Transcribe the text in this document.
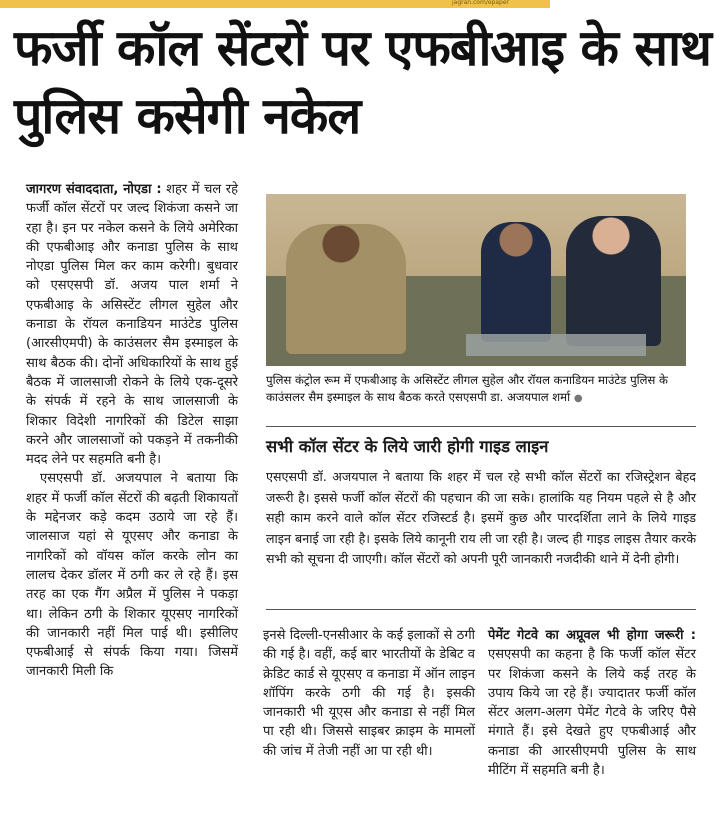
jagran.com/epaper
फर्जी कॉल सेंटरों पर एफबीआइ के साथ पुलिस कसेगी नकेल

जागरण संवाददाता, नोएडा : शहर में चल रहे फर्जी कॉल सेंटरों पर जल्द शिकंजा कसने जा रहा है। इन पर नकेल कसने के लिये अमेरिका की एफबीआइ और कनाडा पुलिस के साथ नोएडा पुलिस मिल कर काम करेगी। बुधवार को एसएसपी डॉ. अजय पाल शर्मा ने एफबीआइ के असिस्टेंट लीगल सुहेल और कनाडा के रॉयल कनाडियन माउंटेड पुलिस (आरसीएमपी) के काउंसलर सैम इस्माइल के साथ बैठक की। दोनों अधिकारियों के साथ हुई बैठक में जालसाजी रोकने के लिये एक-दूसरे के संपर्क में रहने के साथ जालसाजी के शिकार विदेशी नागरिकों की डिटेल साझा करने और जालसाजों को पकड़ने में तकनीकी मदद लेने पर सहमति बनी है।

एसएसपी डॉ. अजयपाल ने बताया कि शहर में फर्जी कॉल सेंटरों की बढ़ती शिकायतों के मद्देनजर कड़े कदम उठाये जा रहे हैं। जालसाज यहां से यूएसए और कनाडा के नागरिकों को वॉयस कॉल करके लोन का लालच देकर डॉलर में ठगी कर ले रहे हैं। इस तरह का एक गैंग अप्रैल में पुलिस ने पकड़ा था। लेकिन ठगी के शिकार यूएसए नागरिकों की जानकारी नहीं मिल पाई थी। इसीलिए एफबीआई से संपर्क किया गया। जिसमें जानकारी मिली कि

पुलिस कंट्रोल रूम में एफबीआइ के असिस्टेंट लीगल सुहेल और रॉयल कनाडियन माउंटेड पुलिस के काउंसलर सैम इस्माइल के साथ बैठक करते एसएसपी डा. अजयपाल शर्मा ●
सभी कॉल सेंटर के लिये जारी होगी गाइड लाइन

एसएसपी डॉ. अजयपाल ने बताया कि शहर में चल रहे सभी कॉल सेंटरों का रजिस्ट्रेशन बेहद जरूरी है। इससे फर्जी कॉल सेंटरों की पहचान की जा सके। हालांकि यह नियम पहले से है और सही काम करने वाले कॉल सेंटर रजिस्टर्ड है। इसमें कुछ और पारदर्शिता लाने के लिये गाइड लाइन बनाई जा रही है। इसके लिये कानूनी राय ली जा रही है। जल्द ही गाइड लाइस तैयार करके सभी को सूचना दी जाएगी। कॉल सेंटरों को अपनी पूरी जानकारी नजदीकी थाने में देनी होगी।

इनसे दिल्ली-एनसीआर के कई इलाकों से ठगी की गई है। वहीं, कई बार भारतीयों के डेबिट व क्रेडिट कार्ड से यूएसए व कनाडा में ऑन लाइन शॉपिंग करके ठगी की गई है। इसकी जानकारी भी यूएस और कनाडा से नहीं मिल पा रही थी। जिससे साइबर क्राइम के मामलों की जांच में तेजी नहीं आ पा रही थी।

पेमेंट गेटवे का अप्रूवल भी होगा जरूरी : एसएसपी का कहना है कि फर्जी कॉल सेंटर पर शिकंजा कसने के लिये कई तरह के उपाय किये जा रहे हैं। ज्यादातर फर्जी कॉल सेंटर अलग-अलग पेमेंट गेटवे के जरिए पैसे मंगाते हैं। इसे देखते हुए एफबीआई और कनाडा की आरसीएमपी पुलिस के साथ मीटिंग में सहमति बनी है।
